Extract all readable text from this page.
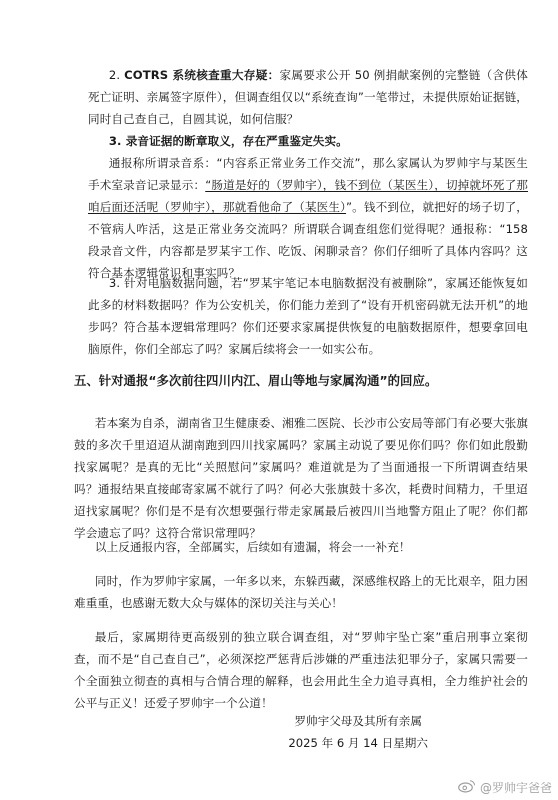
2. COTRS 系统核查重大存疑：家属要求公开 50 例捐献案例的完整链（含供体死亡证明、亲属签字原件），但调查组仅以“系统查询”一笔带过，未提供原始证据链，同时自己查自己，自圆其说，如何信服？

3. 录音证据的断章取义，存在严重鉴定失实。

通报称所谓录音系：“内容系正常业务工作交流”，那么家属认为罗帅宇与某医生手术室录音记录显示：“肠道是好的（罗帅宇），钱不到位（某医生），切掉就坏死了那咱后面还活呢（罗帅宇），那就看他命了（某医生）”。钱不到位，就把好的场子切了，不管病人咋活，这是正常业务交流吗？所谓联合调查组您们觉得呢？通报称：“158 段录音文件，内容都是罗某宇工作、吃饭、闲聊录音？你们仔细听了具体内容吗？这符合基本逻辑常识和事实吗？

3. 针对电脑数据问题，若“罗某宇笔记本电脑数据没有被删除”，家属还能恢复如此多的材料数据吗？作为公安机关，你们能力差到了“设有开机密码就无法开机”的地步吗？符合基本逻辑常理吗？你们还要求家属提供恢复的电脑数据原件，想要拿回电脑原件，你们全部忘了吗？家属后续将会一一如实公布。

五、针对通报“多次前往四川内江、眉山等地与家属沟通”的回应。

若本案为自杀，湖南省卫生健康委、湘雅二医院、长沙市公安局等部门有必要大张旗鼓的多次千里迢迢从湖南跑到四川找家属吗？家属主动说了要见你们吗？你们如此殷勤找家属呢？是真的无比“关照慰问”家属吗？难道就是为了当面通报一下所谓调查结果吗？通报结果直接邮寄家属不就行了吗？何必大张旗鼓十多次，耗费时间精力，千里迢迢找家属呢？你们是不是有次想要强行带走家属最后被四川当地警方阻止了呢？你们都学会遗忘了吗？这符合常识常理吗？

以上反通报内容，全部属实，后续如有遗漏，将会一一补充！

同时，作为罗帅宇家属，一年多以来，东躲西藏，深感维权路上的无比艰辛，阻力困难重重，也感谢无数大众与媒体的深切关注与关心！

最后，家属期待更高级别的独立联合调查组，对“罗帅宇坠亡案”重启刑事立案彻查，而不是“自己查自己”，必须深挖严惩背后涉嫌的严重违法犯罪分子，家属只需要一个全面独立彻查的真相与合情合理的解释，也会用此生全力追寻真相，全力维护社会的公平与正义！还爱子罗帅宇一个公道！

罗帅宇父母及其所有亲属
2025 年 6 月 14 日星期六
@罗帅宇爸爸
